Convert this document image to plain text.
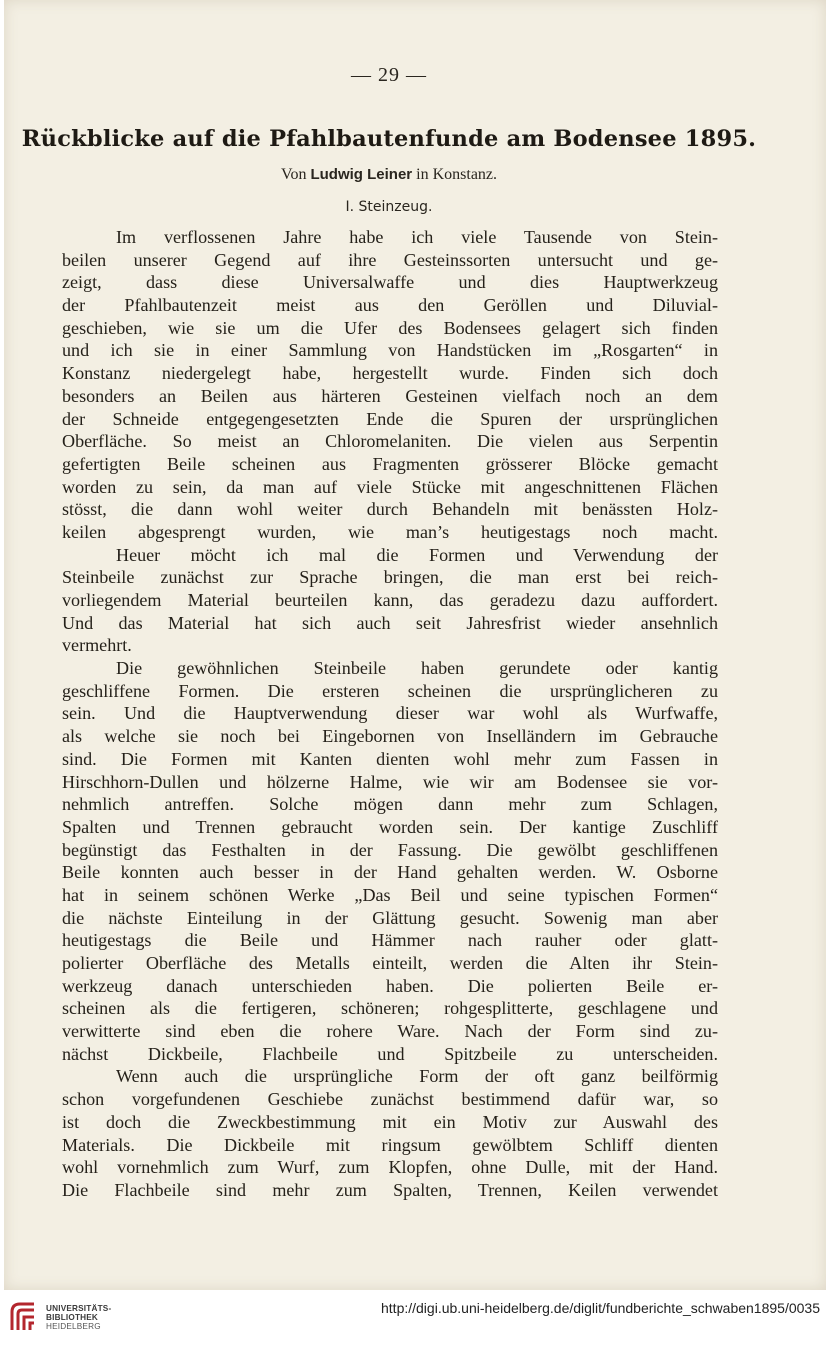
— 29 —
Rückblicke auf die Pfahlbautenfunde am Bodensee 1895.
Von Ludwig Leiner in Konstanz.
I. Steinzeug.
Im verflossenen Jahre habe ich viele Tausende von Stein-
beilen unserer Gegend auf ihre Gesteinssorten untersucht und ge-
zeigt, dass diese Universalwaffe und dies Hauptwerkzeug
der Pfahlbautenzeit meist aus den Geröllen und Diluvial-
geschieben, wie sie um die Ufer des Bodensees gelagert sich finden
und ich sie in einer Sammlung von Handstücken im „Rosgarten“ in
Konstanz niedergelegt habe, hergestellt wurde. Finden sich doch
besonders an Beilen aus härteren Gesteinen vielfach noch an dem
der Schneide entgegengesetzten Ende die Spuren der ursprünglichen
Oberfläche. So meist an Chloromelaniten. Die vielen aus Serpentin
gefertigten Beile scheinen aus Fragmenten grösserer Blöcke gemacht
worden zu sein, da man auf viele Stücke mit angeschnittenen Flächen
stösst, die dann wohl weiter durch Behandeln mit benässten Holz-
keilen abgesprengt wurden, wie man’s heutigestags noch macht.
Heuer möcht ich mal die Formen und Verwendung der
Steinbeile zunächst zur Sprache bringen, die man erst bei reich-
vorliegendem Material beurteilen kann, das geradezu dazu auffordert.
Und das Material hat sich auch seit Jahresfrist wieder ansehnlich
vermehrt.
Die gewöhnlichen Steinbeile haben gerundete oder kantig
geschliffene Formen. Die ersteren scheinen die ursprünglicheren zu
sein. Und die Hauptverwendung dieser war wohl als Wurfwaffe,
als welche sie noch bei Eingebornen von Inselländern im Gebrauche
sind. Die Formen mit Kanten dienten wohl mehr zum Fassen in
Hirschhorn-Dullen und hölzerne Halme, wie wir am Bodensee sie vor-
nehmlich antreffen. Solche mögen dann mehr zum Schlagen,
Spalten und Trennen gebraucht worden sein. Der kantige Zuschliff
begünstigt das Festhalten in der Fassung. Die gewölbt geschliffenen
Beile konnten auch besser in der Hand gehalten werden. W. Osborne
hat in seinem schönen Werke „Das Beil und seine typischen Formen“
die nächste Einteilung in der Glättung gesucht. Sowenig man aber
heutigestags die Beile und Hämmer nach rauher oder glatt-
polierter Oberfläche des Metalls einteilt, werden die Alten ihr Stein-
werkzeug danach unterschieden haben. Die polierten Beile er-
scheinen als die fertigeren, schöneren; rohgesplitterte, geschlagene und
verwitterte sind eben die rohere Ware. Nach der Form sind zu-
nächst Dickbeile, Flachbeile und Spitzbeile zu unterscheiden.
Wenn auch die ursprüngliche Form der oft ganz beilförmig
schon vorgefundenen Geschiebe zunächst bestimmend dafür war, so
ist doch die Zweckbestimmung mit ein Motiv zur Auswahl des
Materials. Die Dickbeile mit ringsum gewölbtem Schliff dienten
wohl vornehmlich zum Wurf, zum Klopfen, ohne Dulle, mit der Hand.
Die Flachbeile sind mehr zum Spalten, Trennen, Keilen verwendet
UNIVERSITÄTS-
BIBLIOTHEK
HEIDELBERG
http://digi.ub.uni-heidelberg.de/diglit/fundberichte_schwaben1895/0035
